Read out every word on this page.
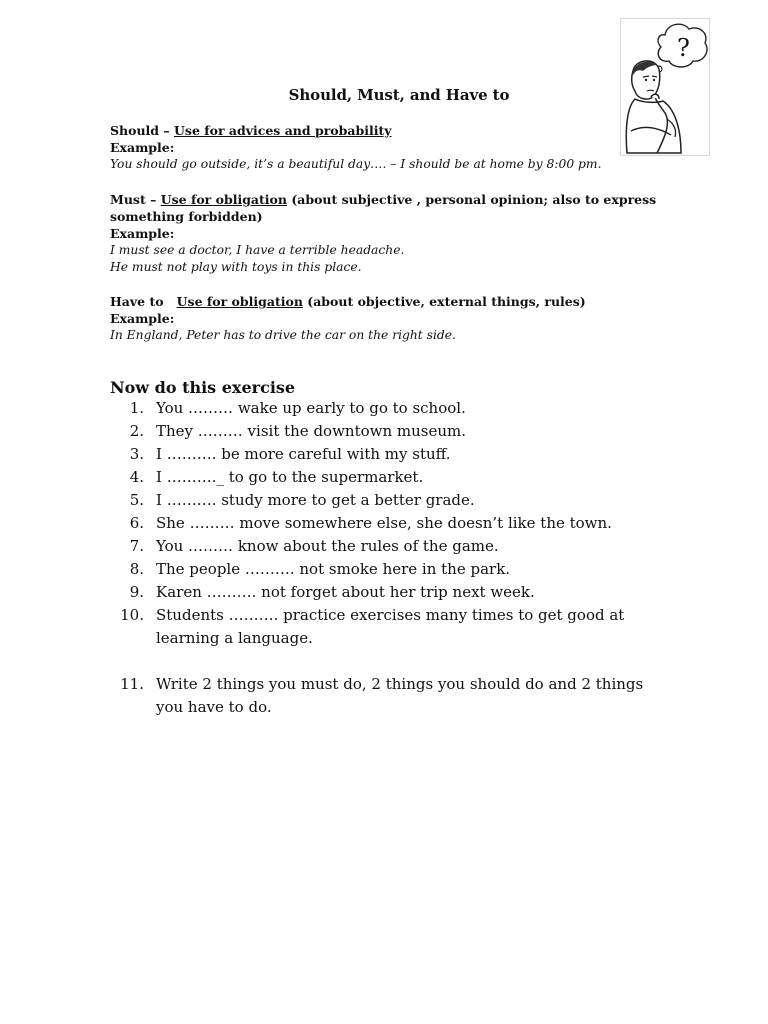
?
Should, Must, and Have to
Should – Use for advices and probability
Example:
You should go outside, it’s a beautiful day…. – I should be at home by 8:00 pm.
Must – Use for obligation (about subjective , personal opinion; also to express something forbidden)
Example:
I must see a doctor, I have a terrible headache.
He must not play with toys in this place.
Have to Use for obligation (about objective, external things, rules)
Example:
In England, Peter has to drive the car on the right side.
Now do this exercise
1. You ……… wake up early to go to school.
2. They ……… visit the downtown museum.
3. I ………. be more careful with my stuff.
4. I ………._ to go to the supermarket.
5. I ………. study more to get a better grade.
6. She ……… move somewhere else, she doesn’t like the town.
7. You ……… know about the rules of the game.
8. The people ………. not smoke here in the park.
9. Karen ………. not forget about her trip next week.
10. Students ………. practice exercises many times to get good at learning a language.
11. Write 2 things you must do, 2 things you should do and 2 things you have to do.
